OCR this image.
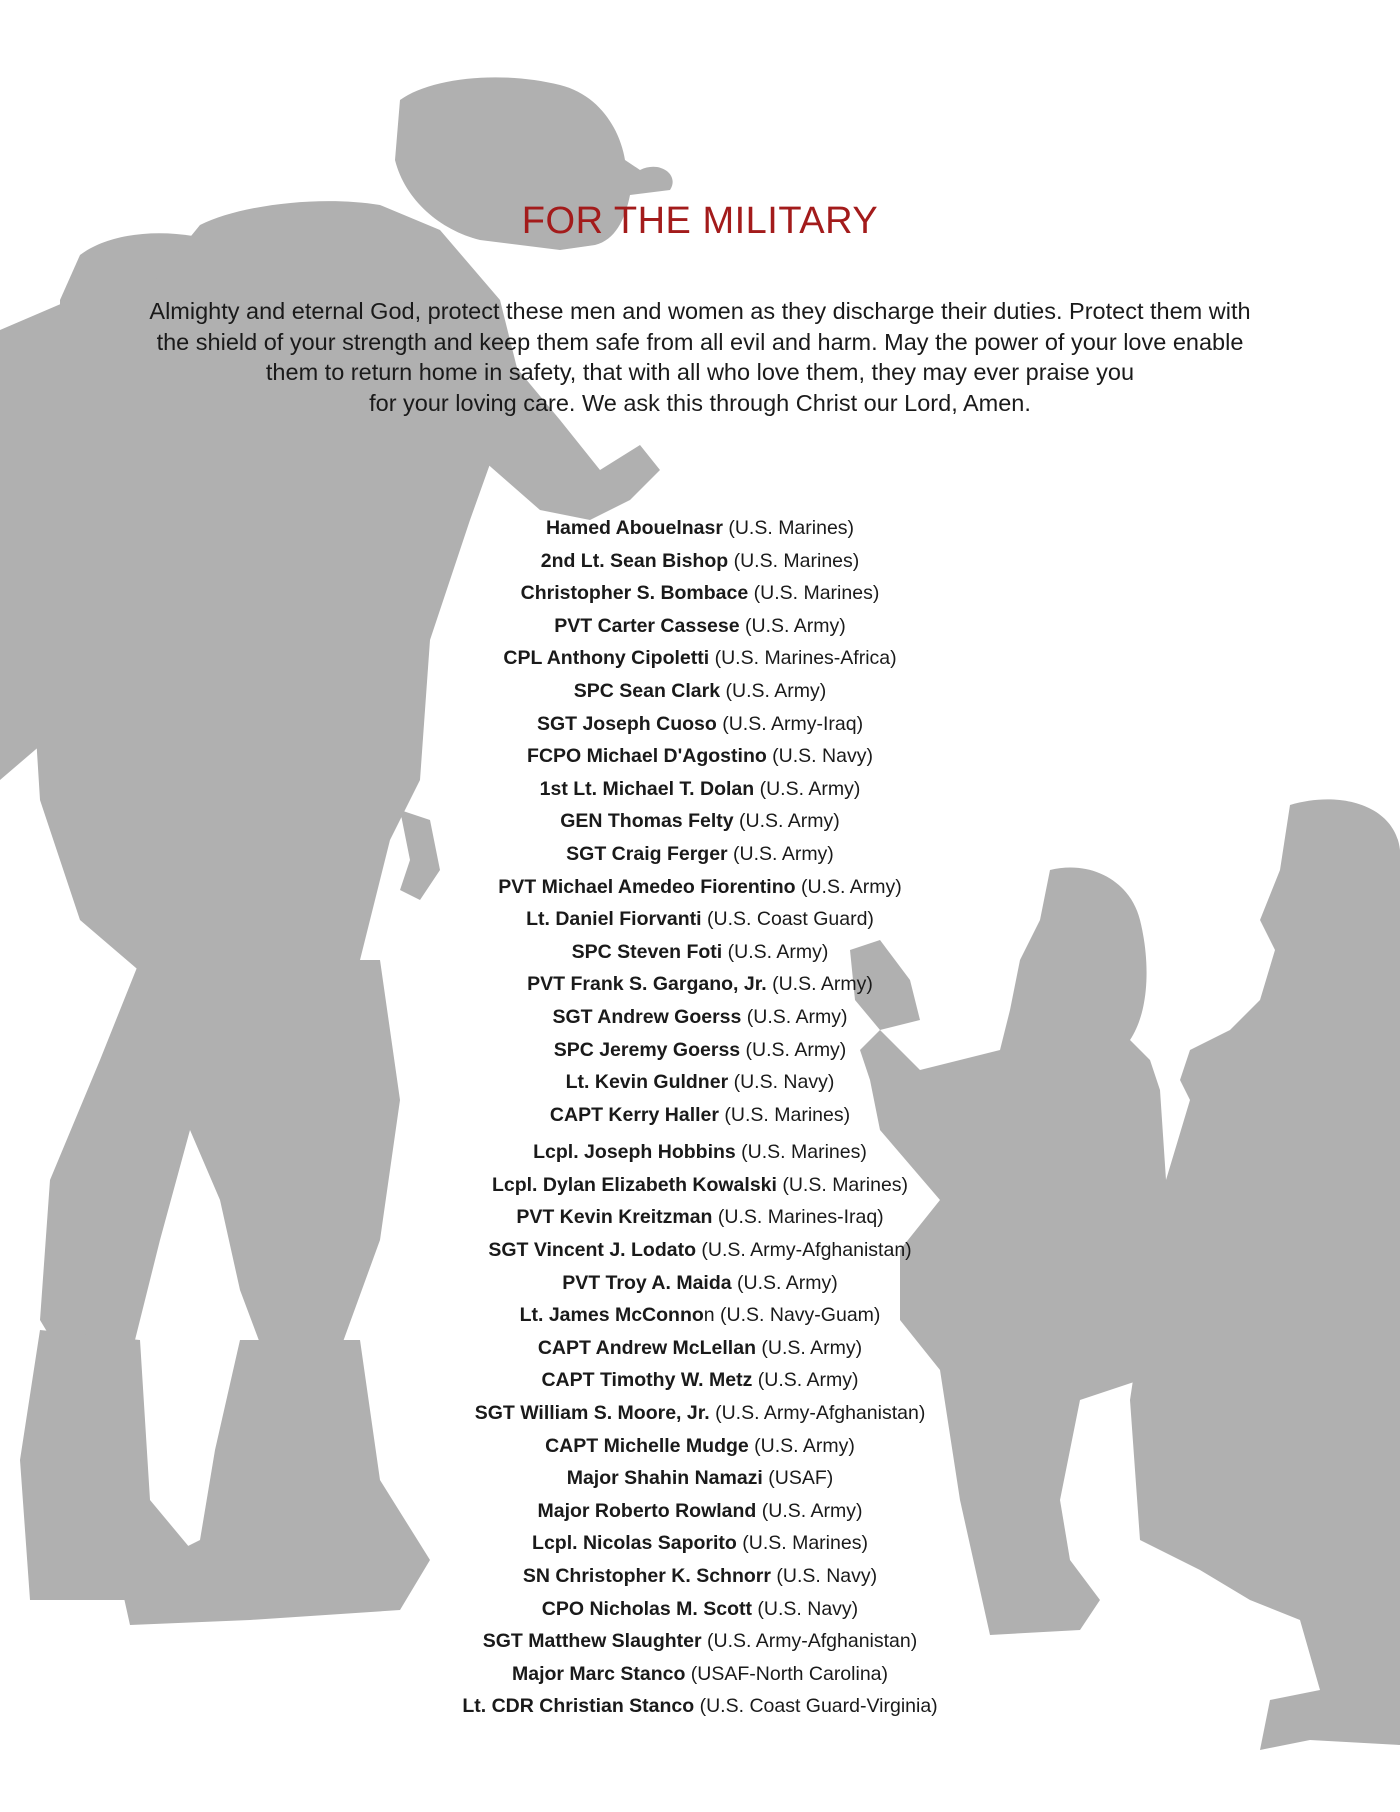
FOR THE MILITARY
Almighty and eternal God, protect these men and women as they discharge their duties. Protect them with
the shield of your strength and keep them safe from all evil and harm. May the power of your love enable
them to return home in safety, that with all who love them, they may ever praise you
for your loving care. We ask this through Christ our Lord, Amen.
Hamed Abouelnasr (U.S. Marines)
2nd Lt. Sean Bishop (U.S. Marines)
Christopher S. Bombace (U.S. Marines)
PVT Carter Cassese (U.S. Army)
CPL Anthony Cipoletti (U.S. Marines-Africa)
SPC Sean Clark (U.S. Army)
SGT Joseph Cuoso (U.S. Army-Iraq)
FCPO Michael D'Agostino (U.S. Navy)
1st Lt. Michael T. Dolan (U.S. Army)
GEN Thomas Felty (U.S. Army)
SGT Craig Ferger (U.S. Army)
PVT Michael Amedeo Fiorentino (U.S. Army)
Lt. Daniel Fiorvanti (U.S. Coast Guard)
SPC Steven Foti (U.S. Army)
PVT Frank S. Gargano, Jr. (U.S. Army)
SGT Andrew Goerss (U.S. Army)
SPC Jeremy Goerss (U.S. Army)
Lt. Kevin Guldner (U.S. Navy)
CAPT Kerry Haller (U.S. Marines)
Lcpl. Joseph Hobbins (U.S. Marines)
Lcpl. Dylan Elizabeth Kowalski (U.S. Marines)
PVT Kevin Kreitzman (U.S. Marines-Iraq)
SGT Vincent J. Lodato (U.S. Army-Afghanistan)
PVT Troy A. Maida (U.S. Army)
Lt. James McConnon (U.S. Navy-Guam)
CAPT Andrew McLellan (U.S. Army)
CAPT Timothy W. Metz (U.S. Army)
SGT William S. Moore, Jr. (U.S. Army-Afghanistan)
CAPT Michelle Mudge (U.S. Army)
Major Shahin Namazi (USAF)
Major Roberto Rowland (U.S. Army)
Lcpl. Nicolas Saporito (U.S. Marines)
SN Christopher K. Schnorr (U.S. Navy)
CPO Nicholas M. Scott (U.S. Navy)
SGT Matthew Slaughter (U.S. Army-Afghanistan)
Major Marc Stanco (USAF-North Carolina)
Lt. CDR Christian Stanco (U.S. Coast Guard-Virginia)
